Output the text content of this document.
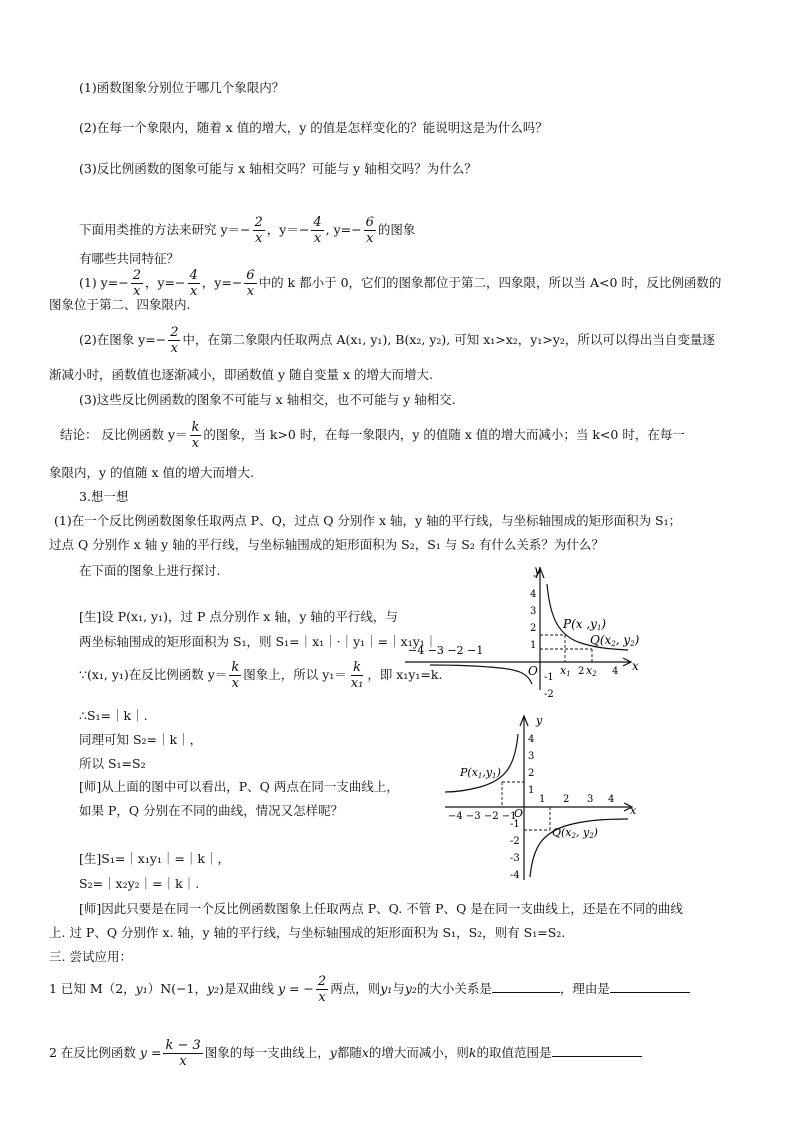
(1)函数图象分别位于哪几个象限内？
(2)在每一个象限内，随着 x 值的增大，y 的值是怎样变化的？能说明这是为什么吗？
(3)反比例函数的图象可能与 x 轴相交吗？可能与 y 轴相交吗？为什么？
下面用类推的方法来研究 $y=- \frac{2}{x}$ ，$y=- \frac{4}{x}$ , $y=- \frac{6}{x}$ 的图象
有哪些共同特征？
(1) $y=- \frac{2}{x}$ ，$y=- \frac{4}{x}$ ，$y=- \frac{6}{x}$ 中的 k 都小于 0，它们的图象都位于第二，四象限，所以当 A<0 时，反比例函数的
图象位于第二、四象限内.
(2)在图象 $y=- \frac{2}{x}$ 中，在第二象限内任取两点 A(x₁, y₁), B(x₂, y₂), 可知 x₁>x₂，y₁>y₂，所以可以得出当自变量逐
渐减小时，函数值也逐渐减小，即函数值 y 随自变量 x 的增大而增大.
(3)这些反比例函数的图象不可能与 x 轴相交，也不可能与 y 轴相交.
结论： 反比例函数 $y= \frac{k}{x}$ 的图象，当 k>0 时，在每一象限内，y 的值随 x 值的增大而减小；当 k<0 时，在每一
象限内，y 的值随 x 值的增大而增大.
3.想一想
(1)在一个反比例函数图象任取两点 P、Q，过点 Q 分别作 x 轴，y 轴的平行线，与坐标轴围成的矩形面积为 S₁；
过点 Q 分别作 x 轴 y 轴的平行线，与坐标轴围成的矩形面积为 S₂，S₁ 与 S₂ 有什么关系？为什么？
在下面的图象上进行探讨.
[生]设 P(x₁, y₁)，过 P 点分别作 x 轴，y 轴的平行线，与
两坐标轴围成的矩形面积为 S₁，则 S₁=｜x₁｜·｜y₁｜=｜x₁y₁｜
∵(x₁, y₁)在反比例函数 $y= \frac{k}{x}$ 图象上，所以 $y_1= \frac{k}{\text{x₁}}$ ，即 x₁y₁=k.
∴S₁=｜k｜.
同理可知 S₂=｜k｜，
所以 S₁=S₂
[师]从上面的图中可以看出，P、Q 两点在同一支曲线上，
如果 P，Q 分别在不同的曲线，情况又怎样呢？
[生]S₁=｜x₁y₁｜=｜k｜，
S₂=｜x₂y₂｜=｜k｜.
[师]因此只要是在同一个反比例函数图象上任取两点 P、Q. 不管 P、Q 是在同一支曲线上，还是在不同的曲线
上. 过 P、Q 分别作 x. 轴，y 轴的平行线，与坐标轴围成的矩形面积为 S₁，S₂，则有 S₁=S₂.
y
x
O
4
3
2
1
-1
-2
−4 −3 −2 −1
2	4
x1 x2
P(x ,y1)
Q(x2, y2)
y
x
O
4
3
2
1
-1
-2
-3
-4
−4 −3 −2 −1
1 2 3 4
P(x1,y1)
Q(x2, y2)
三. 尝试应用：
1 已知 M（2，y₁）N(−1，y₂)是双曲线 y = − $\frac{2}{x}$ 两点，则y₁与y₂的大小关系是	，理由是
2 在反比例函数 $y = \frac{k - 3}{x}$ 图象的每一支曲线上，y都随x的增大而减小，则k的取值范围是
